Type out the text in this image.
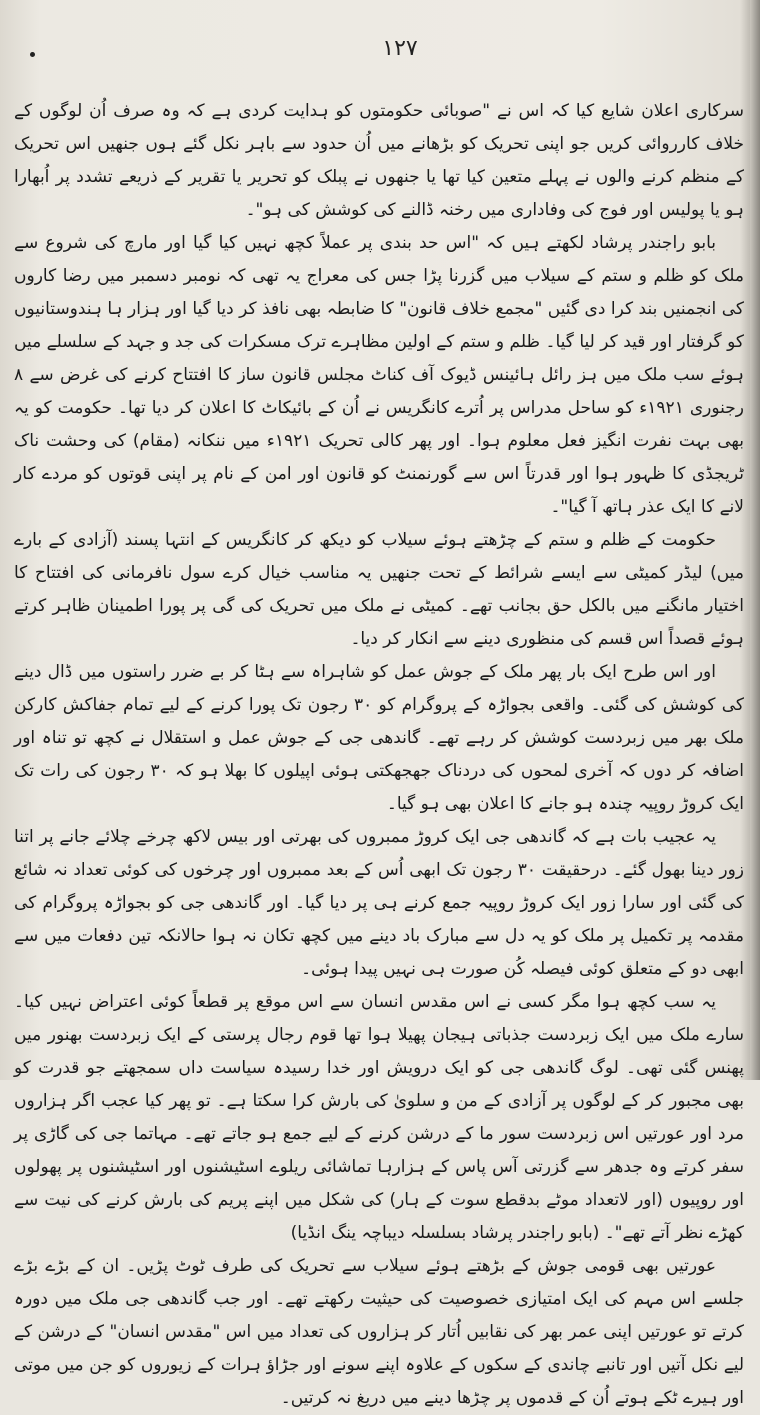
۱۲۷

سرکاری اعلان شایع کیا کہ اس نے "صوبائی حکومتوں کو ہدایت کردی ہے کہ وہ صرف اُن لوگوں کے خلاف کارروائی کریں جو اپنی تحریک کو بڑھانے میں اُن حدود سے باہر نکل گئے ہوں جنھیں اس تحریک کے منظم کرنے والوں نے پہلے متعین کیا تھا یا جنھوں نے پبلک کو تحریر یا تقریر کے ذریعے تشدد پر اُبھارا ہو یا پولیس اور فوج کی وفاداری میں رخنہ ڈالنے کی کوشش کی ہو"۔

بابو راجندر پرشاد لکھتے ہیں کہ "اس حد بندی پر عملاً کچھ نہیں کیا گیا اور مارچ کی شروع سے ملک کو ظلم و ستم کے سیلاب میں گزرنا پڑا جس کی معراج یہ تھی کہ نومبر دسمبر میں رضا کاروں کی انجمنیں بند کرا دی گئیں "مجمع خلاف قانون" کا ضابطہ بھی نافذ کر دیا گیا اور ہزار ہا ہندوستانیوں کو گرفتار اور قید کر لیا گیا۔ ظلم و ستم کے اولین مظاہرے ترک مسکرات کی جد و جہد کے سلسلے میں ہوئے سب ملک میں ہز رائل ہائینس ڈیوک آف کناٹ مجلس قانون ساز کا افتتاح کرنے کی غرض سے ۸ رجنوری ۱۹۲۱ء کو ساحل مدراس پر اُترے کانگریس نے اُن کے بائیکاٹ کا اعلان کر دیا تھا۔ حکومت کو یہ بھی بہت نفرت انگیز فعل معلوم ہوا۔ اور پھر کالی تحریک ۱۹۲۱ء میں ننکانہ (مقام) کی وحشت ناک ٹریجڈی کا ظہور ہوا اور قدرتاً اس سے گورنمنٹ کو قانون اور امن کے نام پر اپنی قوتوں کو مردے کار لانے کا ایک عذر ہاتھ آ گیا"۔

حکومت کے ظلم و ستم کے چڑھتے ہوئے سیلاب کو دیکھ کر کانگریس کے انتہا پسند (آزادی کے بارے میں) لیڈر کمیٹی سے ایسے شرائط کے تحت جنھیں یہ مناسب خیال کرے سول نافرمانی کی افتتاح کا اختیار مانگنے میں بالکل حق بجانب تھے۔ کمیٹی نے ملک میں تحریک کی گی پر پورا اطمینان ظاہر کرتے ہوئے قصداً اس قسم کی منظوری دینے سے انکار کر دیا۔

اور اس طرح ایک بار پھر ملک کے جوش عمل کو شاہراہ سے ہٹا کر بے ضرر راستوں میں ڈال دینے کی کوشش کی گئی۔ واقعی بجواڑہ کے پروگرام کو ۳۰ رجون تک پورا کرنے کے لیے تمام جفاکش کارکن ملک بھر میں زبردست کوشش کر رہے تھے۔ گاندھی جی کے جوش عمل و استقلال نے کچھ تو تناہ اور اضافہ کر دوں کہ آخری لمحوں کی دردناک جھجھکتی ہوئی اپیلوں کا بھلا ہو کہ ۳۰ رجون کی رات تک ایک کروڑ روپیہ چندہ ہو جانے کا اعلان بھی ہو گیا۔

یہ عجیب بات ہے کہ گاندھی جی ایک کروڑ ممبروں کی بھرتی اور بیس لاکھ چرخے چلائے جانے پر اتنا زور دینا بھول گئے۔ درحقیقت ۳۰ رجون تک ابھی اُس کے بعد ممبروں اور چرخوں کی کوئی تعداد نہ شائع کی گئی اور سارا زور ایک کروڑ روپیہ جمع کرنے ہی پر دیا گیا۔ اور گاندھی جی کو بجواڑہ پروگرام کی مقدمہ پر تکمیل پر ملک کو یہ دل سے مبارک باد دینے میں کچھ تکان نہ ہوا حالانکہ تین دفعات میں سے ابھی دو کے متعلق کوئی فیصلہ کُن صورت ہی نہیں پیدا ہوئی۔

یہ سب کچھ ہوا مگر کسی نے اس مقدس انسان سے اس موقع پر قطعاً کوئی اعتراض نہیں کیا۔ سارے ملک میں ایک زبردست جذباتی ہیجان پھیلا ہوا تھا قوم رجال پرستی کے ایک زبردست بھنور میں پھنس گئی تھی۔ لوگ گاندھی جی کو ایک درویش اور خدا رسیدہ سیاست داں سمجھتے جو قدرت کو بھی مجبور کر کے لوگوں پر آزادی کے من و سلویٰ کی بارش کرا سکتا ہے۔ تو پھر کیا عجب اگر ہزاروں مرد اور عورتیں اس زبردست سور ما کے درشن کرنے کے لیے جمع ہو جاتے تھے۔ مہاتما جی کی گاڑی پر سفر کرتے وہ جدھر سے گزرتی آس پاس کے ہزارہا تماشائی ریلوے اسٹیشنوں اور اسٹیشنوں پر پھولوں اور روپیوں (اور لاتعداد موٹے بدقطع سوت کے ہار) کی شکل میں اپنے پریم کی بارش کرنے کی نیت سے کھڑے نظر آتے تھے"۔ (بابو راجندر پرشاد بسلسلہ دیباچہ ینگ انڈیا)

عورتیں بھی قومی جوش کے بڑھتے ہوئے سیلاب سے تحریک کی طرف ٹوٹ پڑیں۔ ان کے بڑے بڑے جلسے اس مہم کی ایک امتیازی خصوصیت کی حیثیت رکھتے تھے۔ اور جب گاندھی جی ملک میں دورہ کرتے تو عورتیں اپنی عمر بھر کی نقابیں اُتار کر ہزاروں کی تعداد میں اس "مقدس انسان" کے درشن کے لیے نکل آتیں اور تانبے چاندی کے سکوں کے علاوہ اپنے سونے اور جڑاؤ ہرات کے زیوروں کو جن میں موتی اور ہیرے ٹکے ہوتے اُن کے قدموں پر چڑھا دینے میں دریغ نہ کرتیں۔
